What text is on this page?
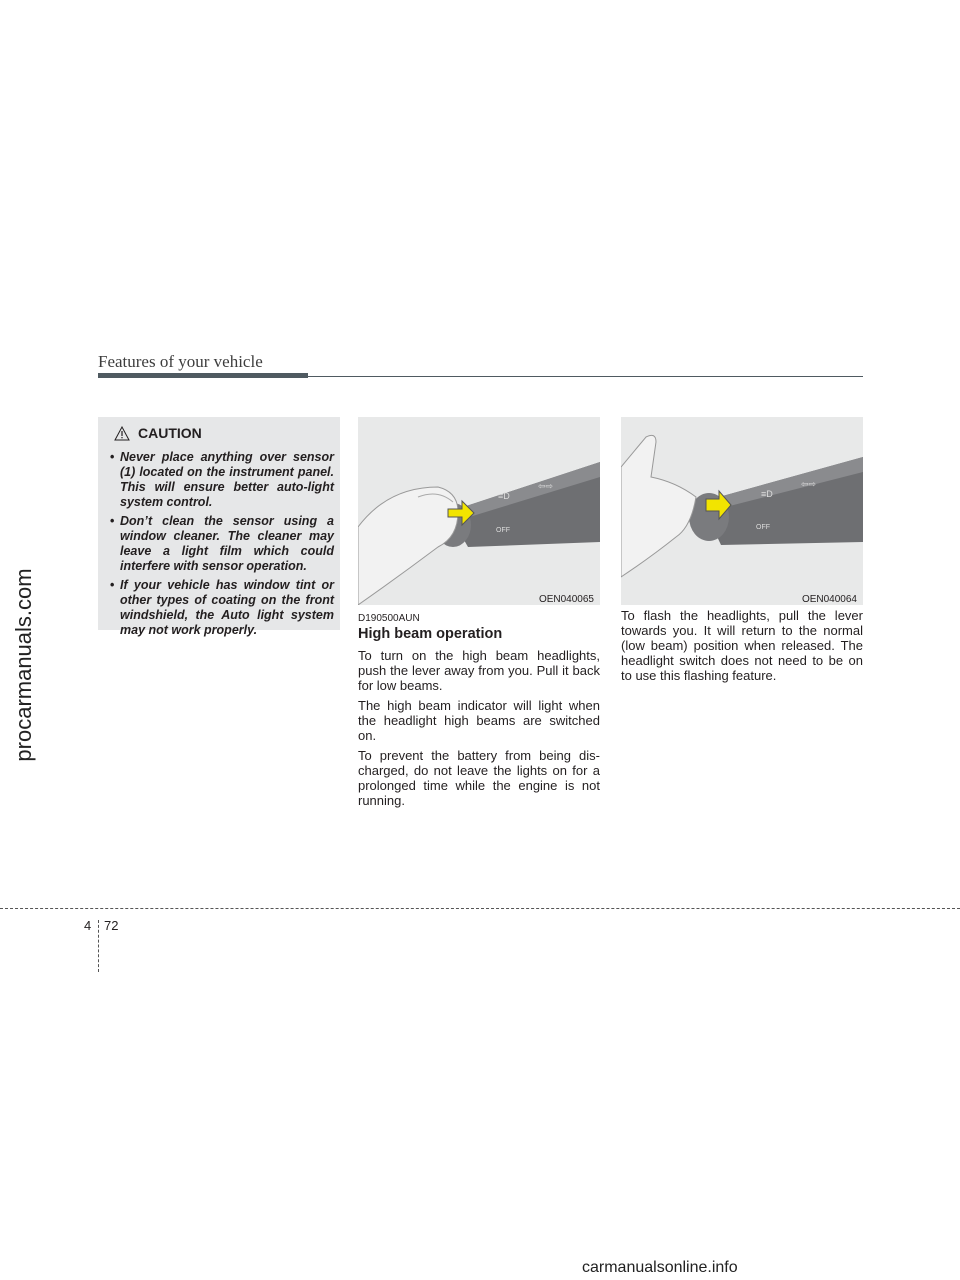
procarmanuals.com
Features of your vehicle
CAUTION
• Never place anything over sensor (1) located on the instrument panel. This will ensure better auto-light system control.
• Don’t clean the sensor using a window cleaner. The cleaner may leave a light film which could interfere with sensor operation.
• If your vehicle has window tint or other types of coating on the front windshield, the Auto light system may not work properly.
≡D
⇦⇨
OFF
OEN040065
≡D
⇦⇨
OFF
OEN040064
D190500AUN
High beam operation

To turn on the high beam headlights, push the lever away from you. Pull it back for low beams.

The high beam indicator will light when the headlight high beams are switched on.

To prevent the battery from being dis- charged, do not leave the lights on for a prolonged time while the engine is not running.

To flash the headlights, pull the lever towards you. It will return to the normal (low beam) position when released. The headlight switch does not need to be on to use this flashing feature.

4 72
carmanualsonline.info
